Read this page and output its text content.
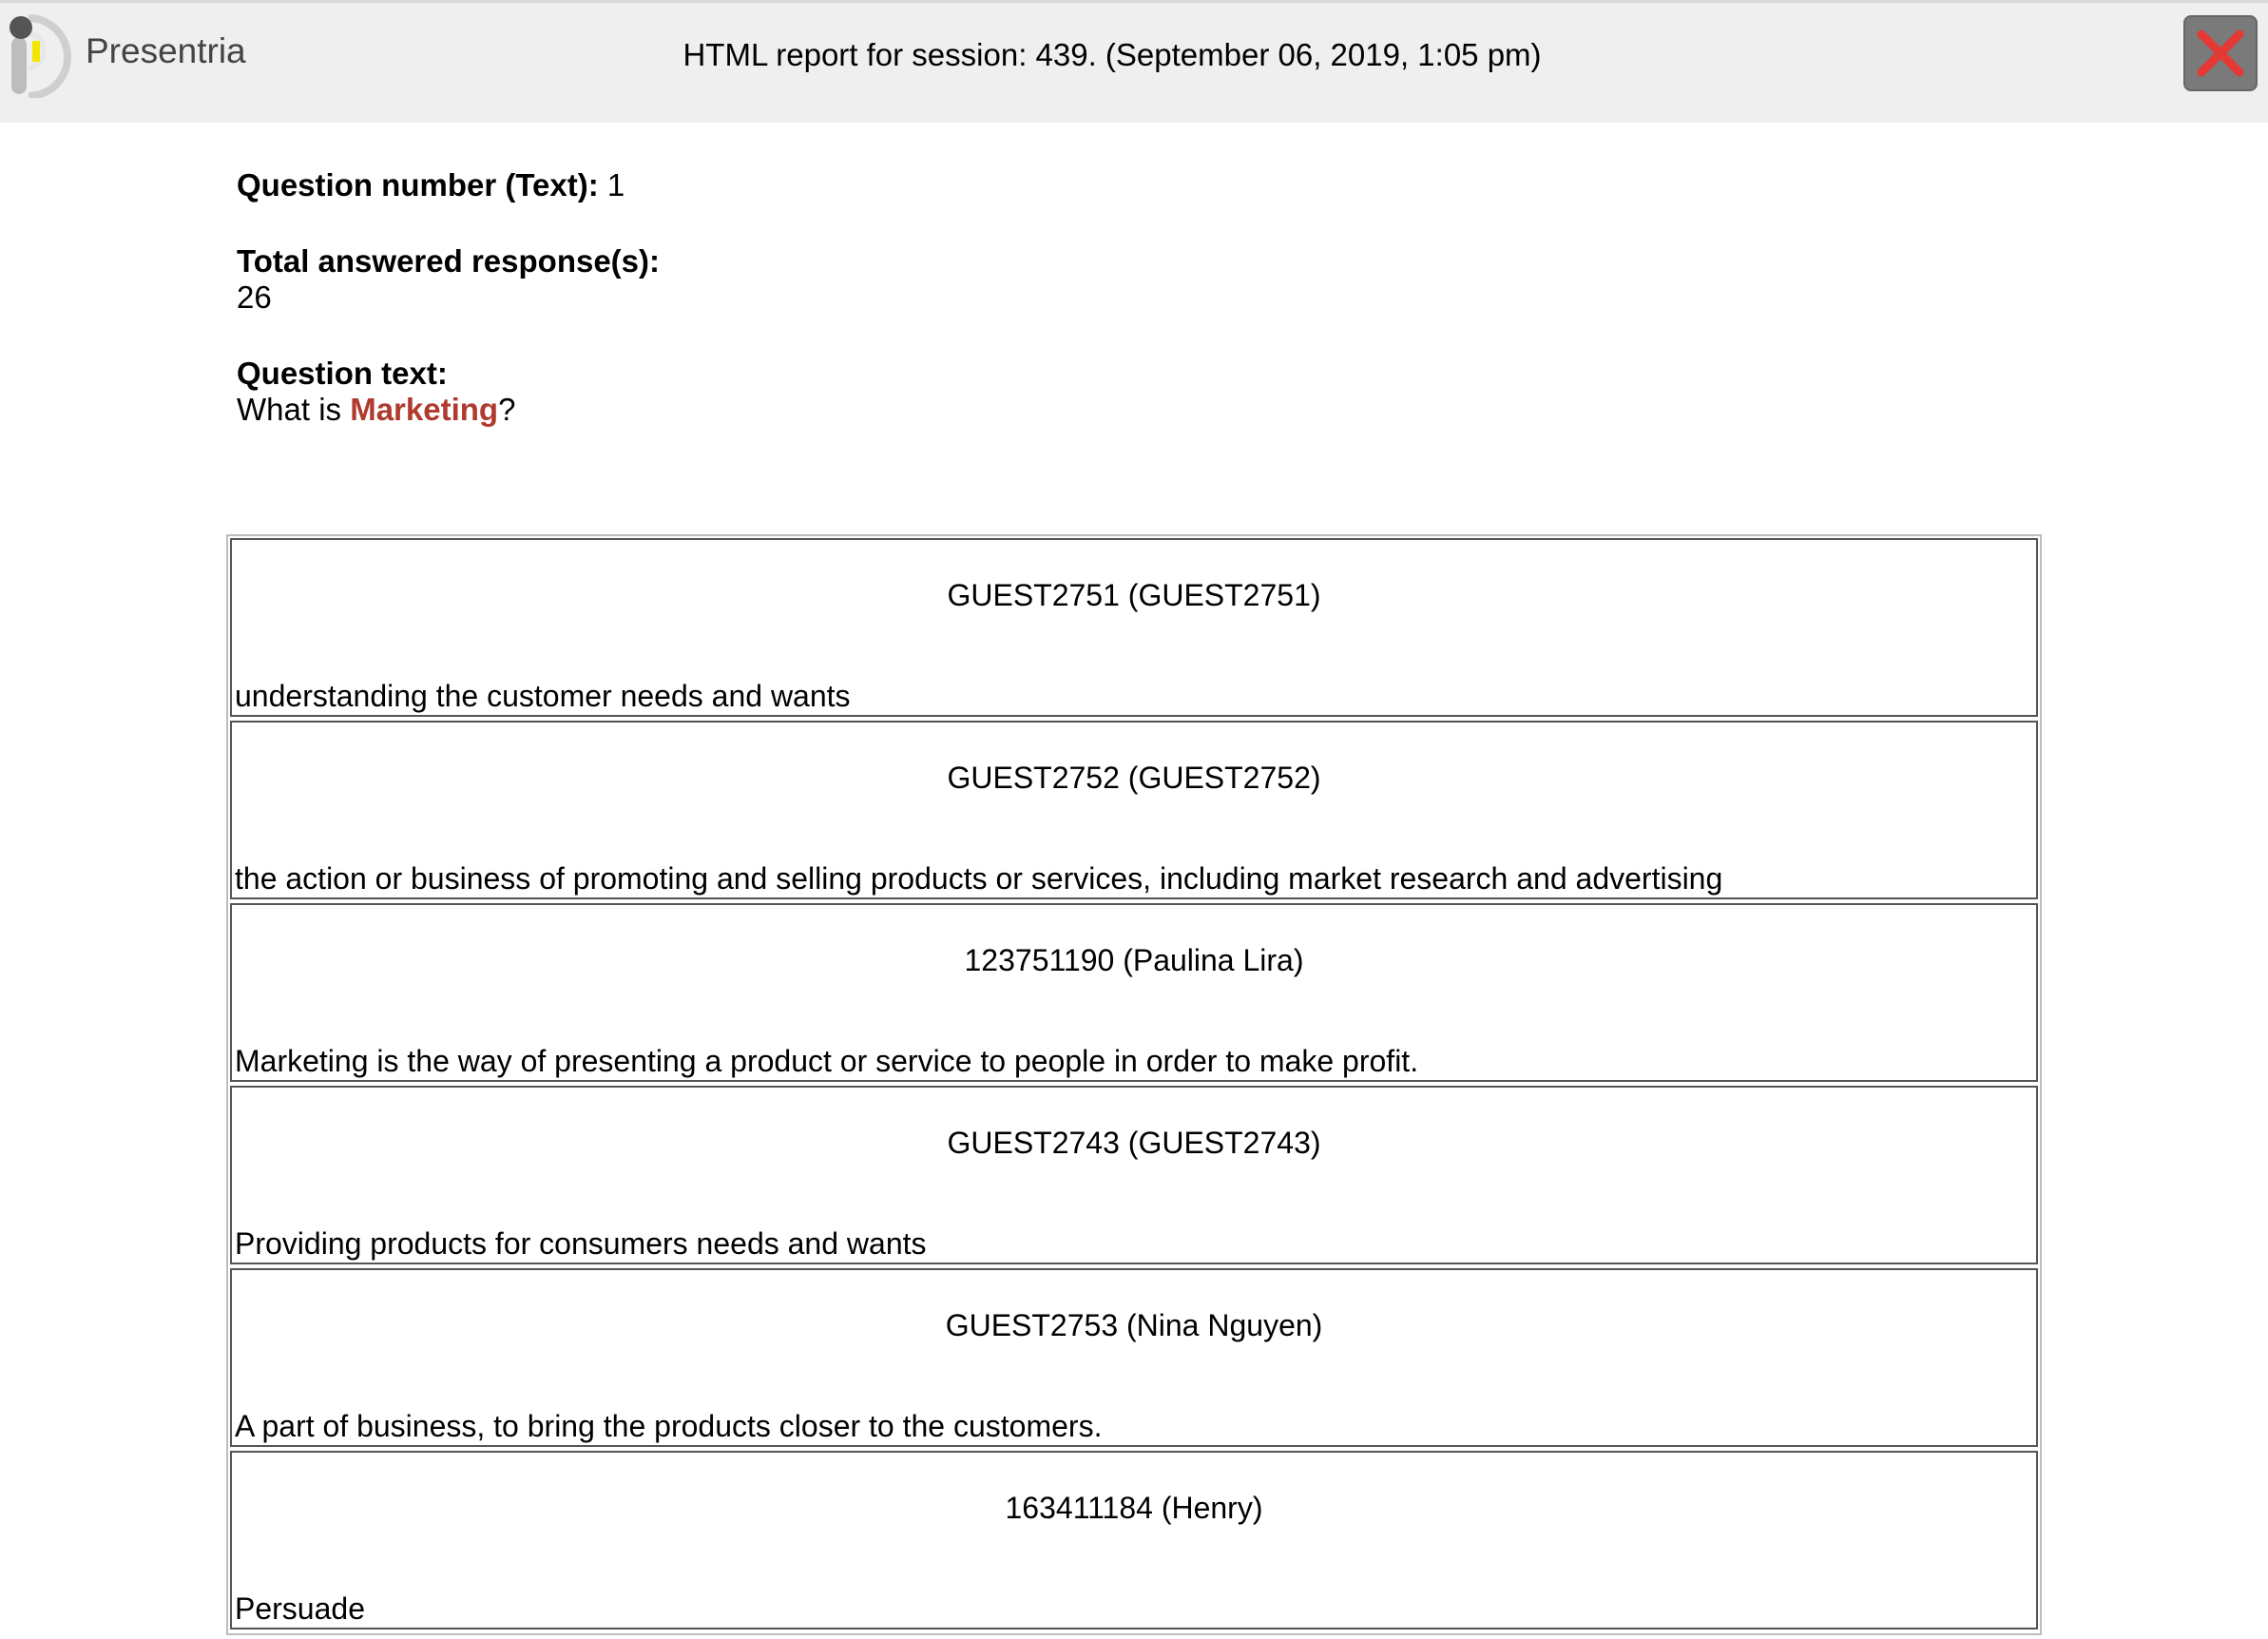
Presentria	HTML report for session: 439. (September 06, 2019, 1:05 pm)
Question number (Text): 1
Total answered response(s):
26
Question text:
What is Marketing?
GUEST2751 (GUEST2751)
understanding the customer needs and wants
GUEST2752 (GUEST2752)
the action or business of promoting and selling products or services, including market research and advertising
123751190 (Paulina Lira)
Marketing is the way of presenting a product or service to people in order to make profit.
GUEST2743 (GUEST2743)
Providing products for consumers needs and wants
GUEST2753 (Nina Nguyen)
A part of business, to bring the products closer to the customers.
163411184 (Henry)
Persuade
